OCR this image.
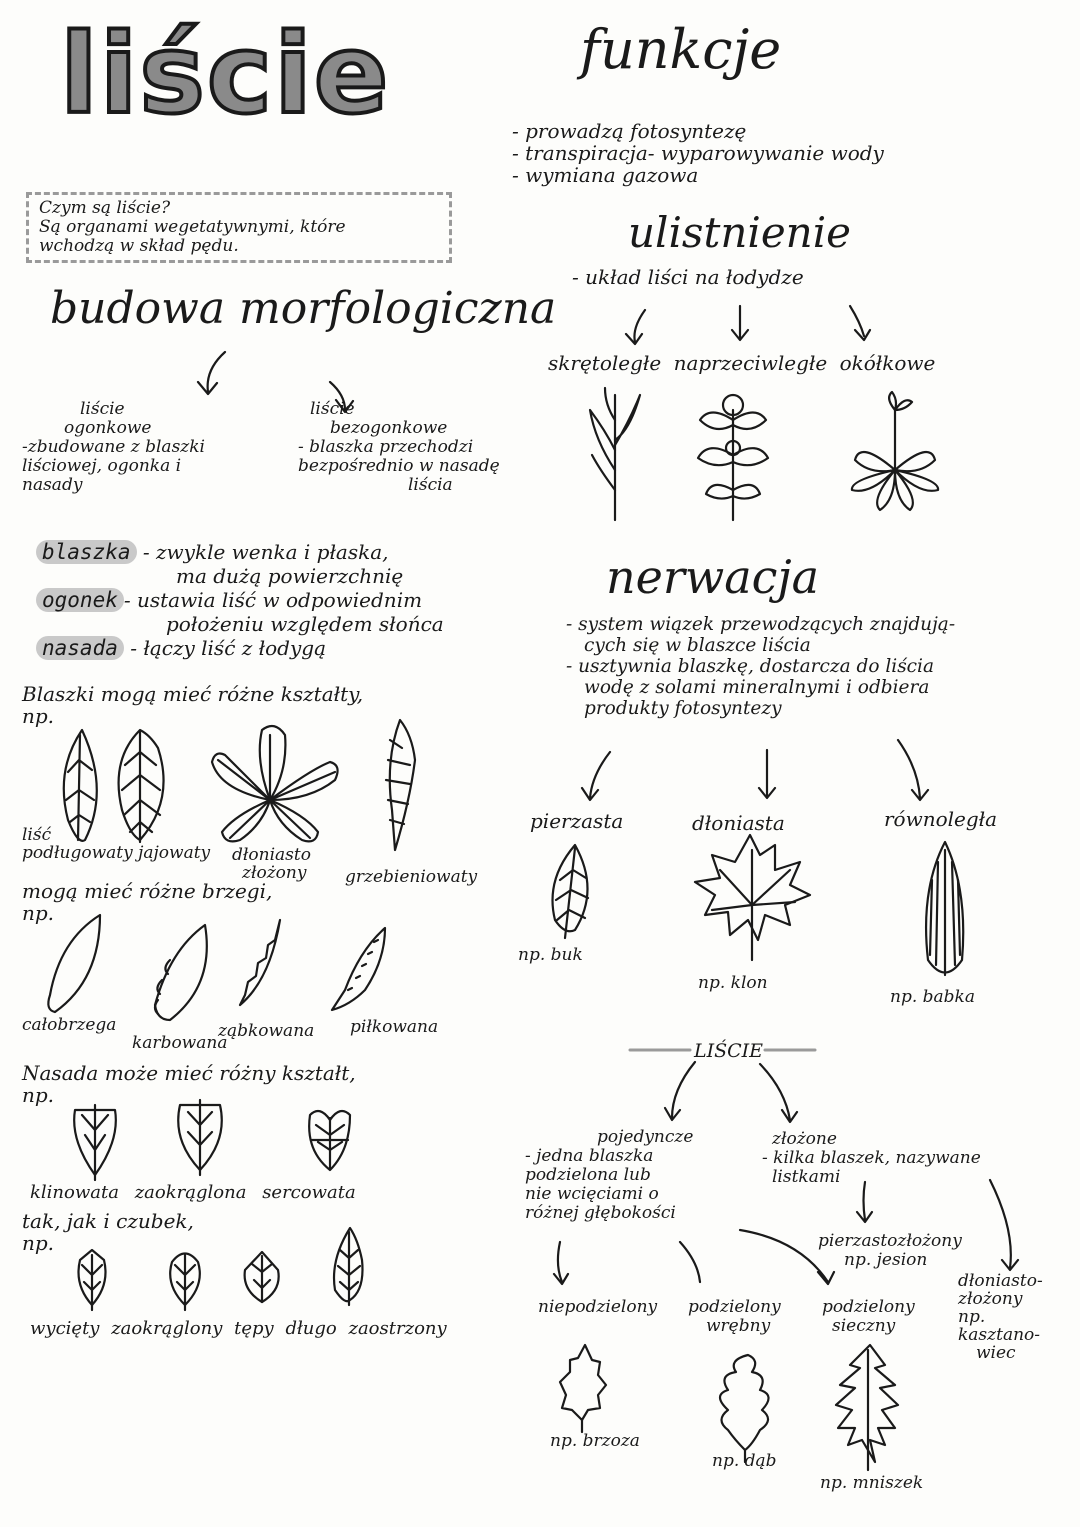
liście
Czym są liście?
Są organami wegetatywnymi, które
wchodzą w skład pędu.
budowa morfologiczna
liście
ogonkowe
-zbudowane z blaszki
liściowej, ogonka i
nasady
liście
bezogonkowe
- blaszka przechodzi
bezpośrednio w nasadę
liścia
blaszka - zwykle wenka i płaska,
ma dużą powierzchnię
ogonek - ustawia liść w odpowiednim
położeniu względem słońca
nasada - łączy liść z łodygą
Blaszki mogą mieć różne kształty,
np.
liść
podługowaty jajowaty dłoniasto
złożony grzebieniowaty
mogą mieć różne brzegi,
np.
całobrzega
karbowana
ząbkowana piłkowana
Nasada może mieć różny kształt,
np.
klinowata zaokrąglona sercowata
tak, jak i czubek,
np.
wycięty zaokrąglony tępy długo zaostrzony
funkcje
- prowadzą fotosyntezę
- transpiracja- wyparowywanie wody
- wymiana gazowa
ulistnienie
- układ liści na łodydze
skrętoległe naprzeciwległe okółkowe
nerwacja
- system wiązek przewodzących znajdują-
cych się w blaszce liścia
- usztywnia blaszkę, dostarcza do liścia
wodę z solami mineralnymi i odbiera
produkty fotosyntezy
pierzasta	dłoniasta	równoległa
np. buk
np. klon
np. babka
LIŚCIE
pojedyncze
- jedna blaszka
podzielona lub
nie wcięciami o
różnej głębokości
złożone
- kilka blaszek, nazywane
listkami
pierzastozłożony
np. jesion
dłoniasto-
złożony
np.
kasztano-
wiec
niepodzielony podzielony
wrębny
podzielony
sieczny
np. brzoza
np. dąb
np. mniszek
